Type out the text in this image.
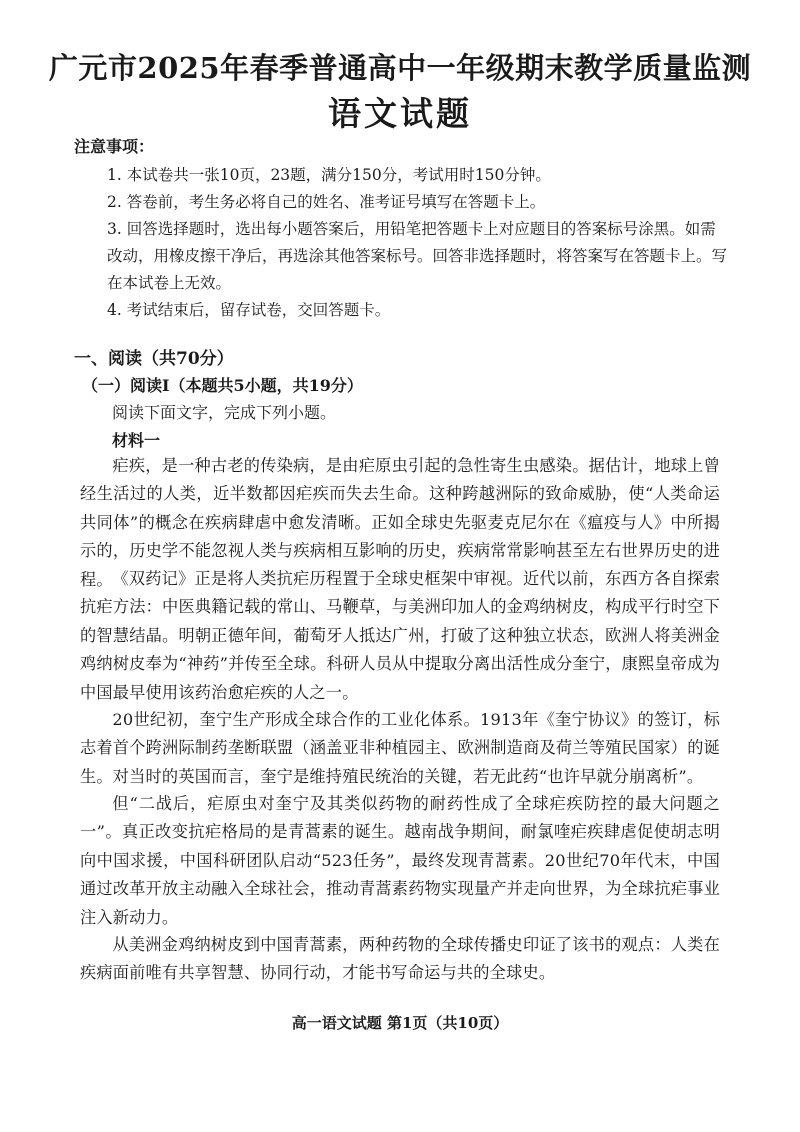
广元市2025年春季普通高中一年级期末教学质量监测
语文试题
注意事项：

1. 本试卷共一张10页，23题，满分150分，考试用时150分钟。

2. 答卷前，考生务必将自己的姓名、准考证号填写在答题卡上。

3. 回答选择题时，选出每小题答案后，用铅笔把答题卡上对应题目的答案标号涂黑。如需改动，用橡皮擦干净后，再选涂其他答案标号。回答非选择题时，将答案写在答题卡上。写在本试卷上无效。

4. 考试结束后，留存试卷，交回答题卡。

一、阅读（共70分）
（一）阅读Ⅰ（本题共5小题，共19分）
阅读下面文字，完成下列小题。
材料一

疟疾，是一种古老的传染病，是由疟原虫引起的急性寄生虫感染。据估计，地球上曾经生活过的人类，近半数都因疟疾而失去生命。这种跨越洲际的致命威胁，使“人类命运共同体”的概念在疾病肆虐中愈发清晰。正如全球史先驱麦克尼尔在《瘟疫与人》中所揭示的，历史学不能忽视人类与疾病相互影响的历史，疾病常常影响甚至左右世界历史的进程。 《双药记》正是将人类抗疟历程置于全球史框架中审视。近代以前，东西方各自探索抗疟方法：中医典籍记载的常山、马鞭草，与美洲印加人的金鸡纳树皮，构成平行时空下的智慧结晶。明朝正德年间，葡萄牙人抵达广州，打破了这种独立状态，欧洲人将美洲金鸡纳树皮奉为“神药”并传至全球。科研人员从中提取分离出活性成分奎宁，康熙皇帝成为中国最早使用该药治愈疟疾的人之一。

20世纪初，奎宁生产形成全球合作的工业化体系。1913年《奎宁协议》的签订，标志着首个跨洲际制药垄断联盟（涵盖亚非种植园主、欧洲制造商及荷兰等殖民国家）的诞生。对当时的英国而言，奎宁是维持殖民统治的关键，若无此药“也许早就分崩离析”。

但“二战后，疟原虫对奎宁及其类似药物的耐药性成了全球疟疾防控的最大问题之一”。真正改变抗疟格局的是青蒿素的诞生。越南战争期间，耐氯喹疟疾肆虐促使胡志明向中国求援，中国科研团队启动“523任务”，最终发现青蒿素。20世纪70年代末，中国通过改革开放主动融入全球社会，推动青蒿素药物实现量产并走向世界，为全球抗疟事业注入新动力。

从美洲金鸡纳树皮到中国青蒿素，两种药物的全球传播史印证了该书的观点：人类在疾病面前唯有共享智慧、协同行动，才能书写命运与共的全球史。

高一语文试题 第1页（共10页）
